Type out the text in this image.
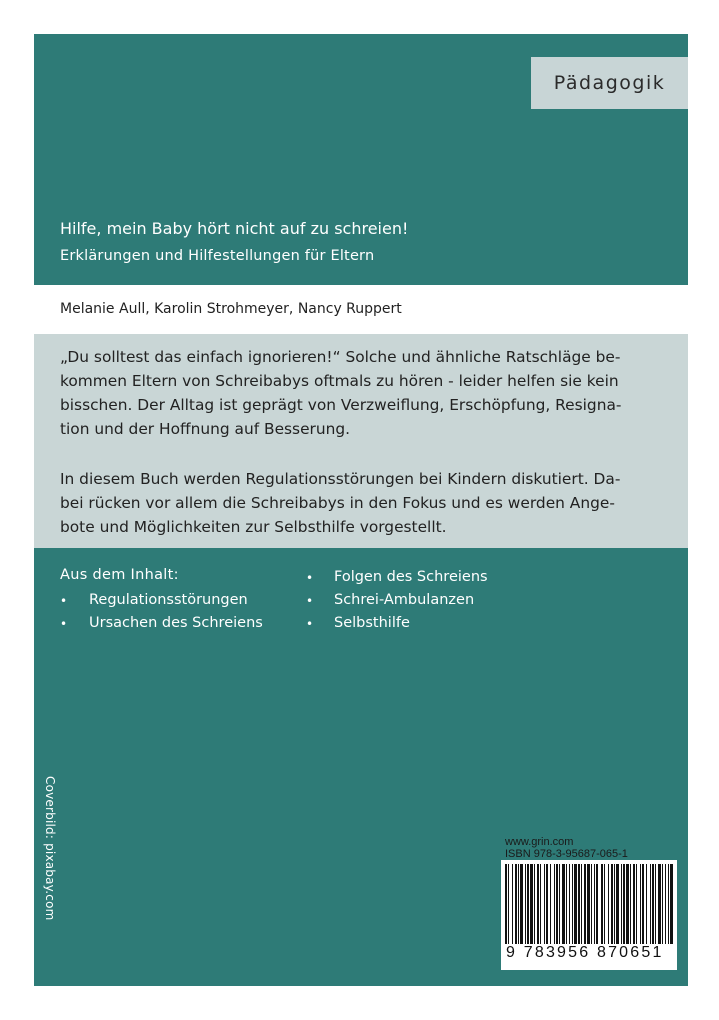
Pädagogik
Hilfe, mein Baby hört nicht auf zu schreien!
Erklärungen und Hilfestellungen für Eltern
Melanie Aull, Karolin Strohmeyer, Nancy Ruppert
„Du solltest das einfach ignorieren!“ Solche und ähnliche Ratschläge be-
kommen Eltern von Schreibabys oftmals zu hören - leider helfen sie kein
bisschen. Der Alltag ist geprägt von Verzweiflung, Erschöpfung, Resigna-
tion und der Hoffnung auf Besserung.
In diesem Buch werden Regulationsstörungen bei Kindern diskutiert. Da-
bei rücken vor allem die Schreibabys in den Fokus und es werden Ange-
bote und Möglichkeiten zur Selbsthilfe vorgestellt.
Aus dem Inhalt:
• Regulationsstörungen
• Ursachen des Schreiens
• Folgen des Schreiens
• Schrei-Ambulanzen
• Selbsthilfe
Coverbild: pixabay.com	www.grin.com
ISBN 978-3-95687-065-1
9 783956 870651
